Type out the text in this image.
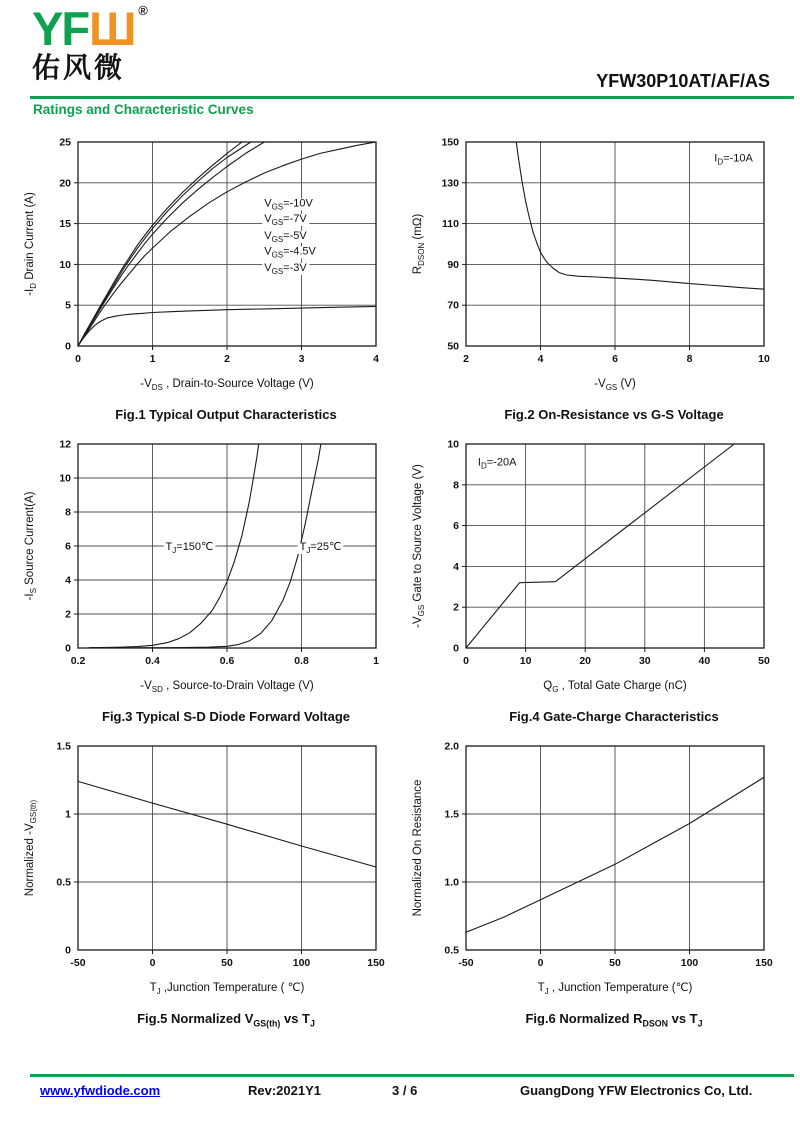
YFШ ®
佑风微	YFW30P10AT/AF/AS
Ratings and Characteristic Curves
0	1	2	3	4
0
5
10
15
20
25
$-V_{DS}$ , Drain-to-Source Voltage (V)
$-I_D$ Drain Current (A)	$V_{GS}=-10V$
$V_{GS}=-7V$
$V_{GS}=-5V$
$V_{GS}=-4.5V$
$V_{GS}=-3V$
Fig.1 Typical Output Characteristics
2	4	6	8	10
50
70
90
110
130
150
$-V_{GS}$ (V)
$R_{DSON}$ (mΩ)
$I_D=-10A$
Fig.2 On-Resistance vs G-S Voltage
0.2	0.4	0.6	0.8	1
0
2
4
6
8
10
12
$-V_{SD}$ , Source-to-Drain Voltage (V)
$-I_S$ Source Current(A)	$T_J=150℃$	$T_J=25℃$
Fig.3 Typical S-D Diode Forward Voltage
0	10	20	30	40	50
0
2
4
6
8
10
$Q_G$ , Total Gate Charge (nC)
$-V_{GS}$ Gate to Source Voltage (V)
$I_D=-20A$
Fig.4 Gate-Charge Characteristics
-50	0	50	100	150
0
0.5
1
1.5
$T_J$ ,Junction Temperature ( ℃)
Normalized $-V_{GS(th)}$
Fig.5 Normalized $V_{GS(th)}$ vs $T_J$
-50	0	50	100	150
0.5
1.0
1.5
2.0
$T_J$ , Junction Temperature (℃)
Normalized On Resistance
Fig.6 Normalized $R_{DSON}$ vs $T_J$
www.yfwdiode.com	Rev:2021Y1	3 / 6	GuangDong YFW Electronics Co, Ltd.
